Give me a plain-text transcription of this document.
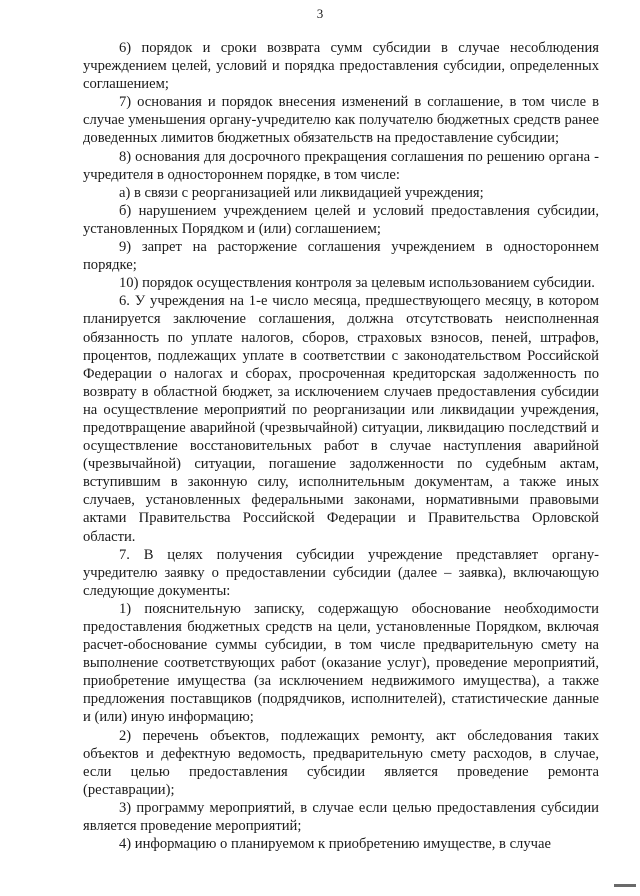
3

6) порядок и сроки возврата сумм субсидии в случае несоблюдения учреждением целей, условий и порядка предоставления субсидии, определенных соглашением;

7) основания и порядок внесения изменений в соглашение, в том числе в случае уменьшения органу-учредителю как получателю бюджетных средств ранее доведенных лимитов бюджетных обязательств на предоставление субсидии;

8) основания для досрочного прекращения соглашения по решению органа - учредителя в одностороннем порядке, в том числе:

а) в связи с реорганизацией или ликвидацией учреждения;

б) нарушением учреждением целей и условий предоставления субсидии, установленных Порядком и (или) соглашением;

9) запрет на расторжение соглашения учреждением в одностороннем порядке;

10) порядок осуществления контроля за целевым использованием субсидии.

6. У учреждения на 1-е число месяца, предшествующего месяцу, в котором планируется заключение соглашения, должна отсутствовать неисполненная обязанность по уплате налогов, сборов, страховых взносов, пеней, штрафов, процентов, подлежащих уплате в соответствии с законодательством Российской Федерации о налогах и сборах, просроченная кредиторская задолженность по возврату в областной бюджет, за исключением случаев предоставления субсидии на осуществление мероприятий по реорганизации или ликвидации учреждения, предотвращение аварийной (чрезвычайной) ситуации, ликвидацию последствий и осуществление восстановительных работ в случае наступления аварийной (чрезвычайной) ситуации, погашение задолженности по судебным актам, вступившим в законную силу, исполнительным документам, а также иных случаев, установленных федеральными законами, нормативными правовыми актами Правительства Российской Федерации и Правительства Орловской области.

7. В целях получения субсидии учреждение представляет органу-учредителю заявку о предоставлении субсидии (далее – заявка), включающую следующие документы:

1) пояснительную записку, содержащую обоснование необходимости предоставления бюджетных средств на цели, установленные Порядком, включая расчет-обоснование суммы субсидии, в том числе предварительную смету на выполнение соответствующих работ (оказание услуг), проведение мероприятий, приобретение имущества (за исключением недвижимого имущества), а также предложения поставщиков (подрядчиков, исполнителей), статистические данные и (или) иную информацию;

2) перечень объектов, подлежащих ремонту, акт обследования таких объектов и дефектную ведомость, предварительную смету расходов, в случае, если целью предоставления субсидии является проведение ремонта (реставрации);

3) программу мероприятий, в случае если целью предоставления субсидии является проведение мероприятий;

4) информацию о планируемом к приобретению имуществе, в случае
